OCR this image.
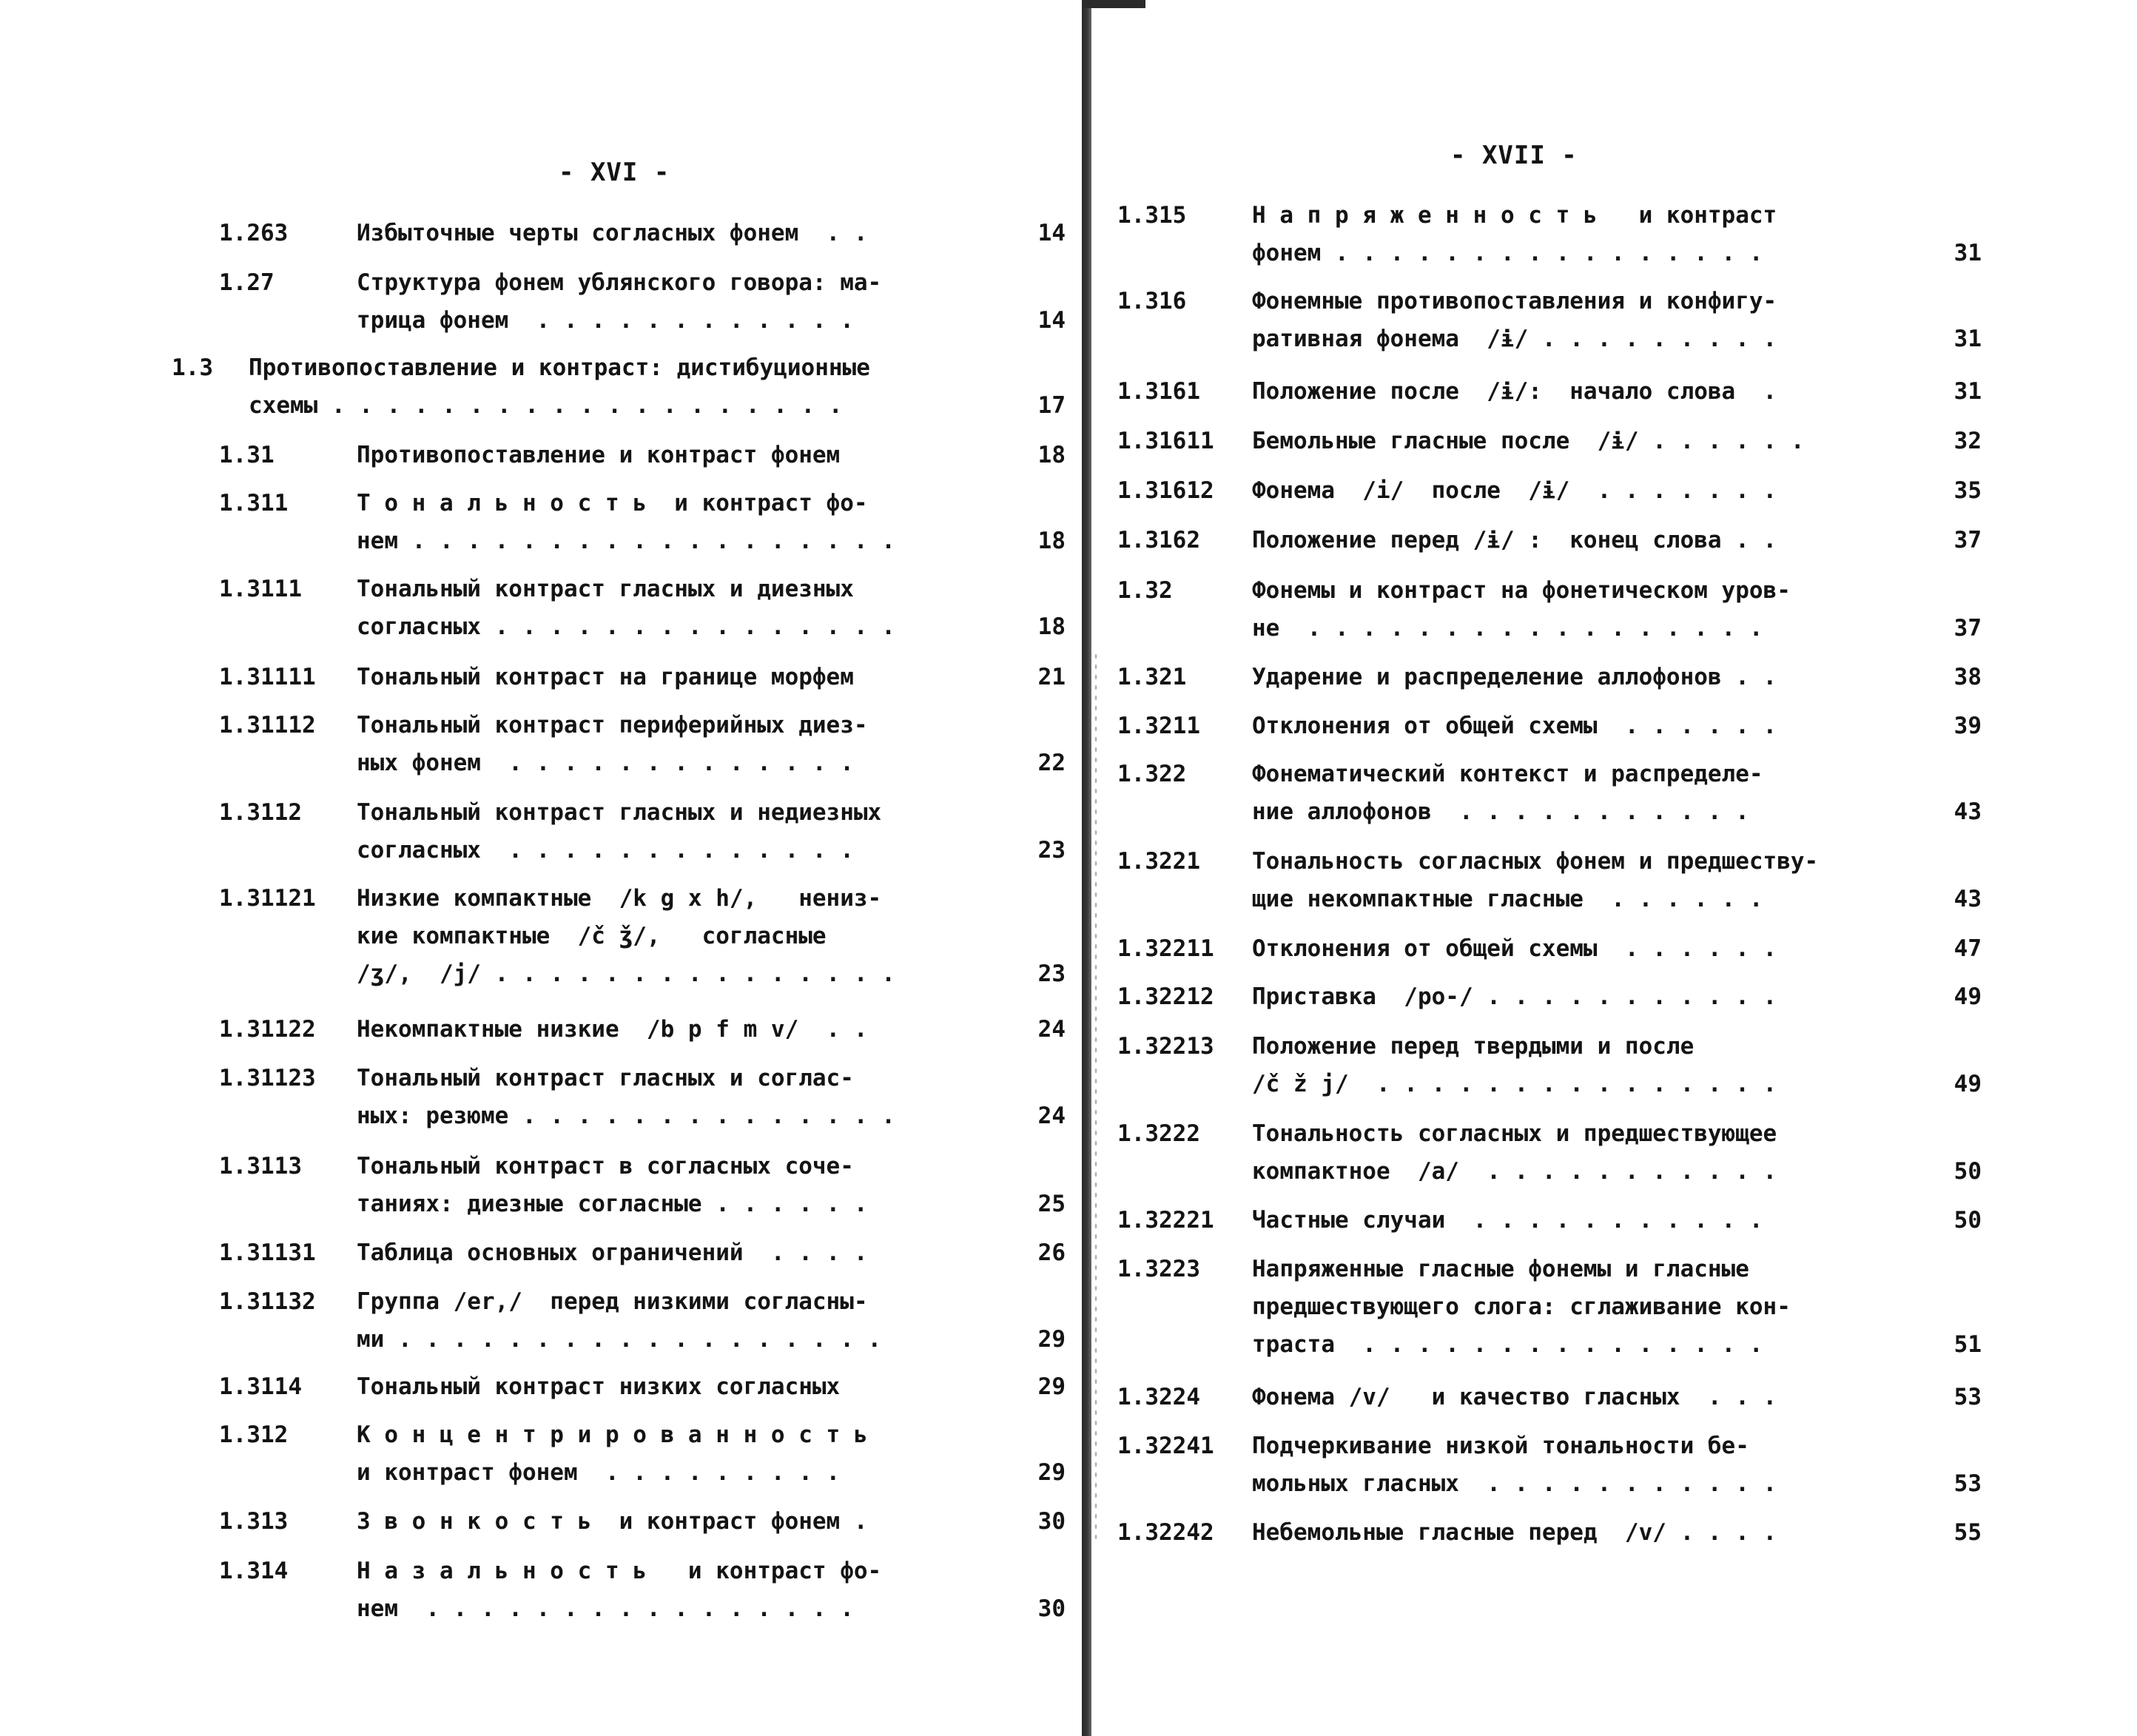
- XVI -
- XVII -
1.263	Избыточные черты согласных фонем  . .	14
1.27	Структура фонем ублянского говора: ма-
трица фонем  . . . . . . . . . . . .	14
1.3 Противопоставление и контраст: дистибуционные
схемы . . . . . . . . . . . . . . . . . . .	17
1.31	Противопоставление и контраст фонем	18
1.311	Т о н а л ь н о с т ь  и контраст фо-
нем . . . . . . . . . . . . . . . . . .	18
1.3111 Тональный контраст гласных и диезных
согласных . . . . . . . . . . . . . . .	18
1.31111 Тональный контраст на границе морфем	21
1.31112 Тональный контраст периферийных диез-
ных фонем  . . . . . . . . . . . . .	22
1.3112 Тональный контраст гласных и недиезных
согласных  . . . . . . . . . . . . .	23
1.31121 Низкие компактные  /k g x h/,   нениз-
кие компактные  /č ǯ/,   согласные
/ʒ/,  /j/ . . . . . . . . . . . . . . .	23
1.31122 Некомпактные низкие  /b p f m v/  . .	24
1.31123 Тональный контраст гласных и соглас-
ных: резюме . . . . . . . . . . . . . .	24
1.3113 Тональный контраст в согласных соче-
таниях: диезные согласные . . . . . .	25
1.31131 Таблица основных ограничений  . . . .	26
1.31132 Группа /er,/  перед низкими согласны-
ми . . . . . . . . . . . . . . . . . .	29
1.3114 Тональный контраст низких согласных	29
1.312	К о н ц е н т р и р о в а н н о с т ь
и контраст фонем  . . . . . . . . .	29
1.313	З в о н к о с т ь  и контраст фонем .	30
1.314	Н а з а л ь н о с т ь   и контраст фо-
нем  . . . . . . . . . . . . . . . .	30
1.315	Н а п р я ж е н н о с т ь   и контраст
фонем . . . . . . . . . . . . . . . .	31
1.316	Фонемные противопоставления и конфигу-
ративная фонема  /ɨ/ . . . . . . . . .	31
1.3161 Положение после  /ɨ/:  начало слова  .	31
1.31611 Бемольные гласные после  /ɨ/ . . . . . .	32
1.31612 Фонема  /i/  после  /ɨ/  . . . . . . .	35
1.3162 Положение перед /ɨ/ :  конец слова . .	37
1.32	Фонемы и контраст на фонетическом уров-
не  . . . . . . . . . . . . . . . . .	37
1.321	Ударение и распределение аллофонов . .	38
1.3211 Отклонения от общей схемы  . . . . . .	39
1.322	Фонематический контекст и распределе-
ние аллофонов  . . . . . . . . . . .	43
1.3221 Тональность согласных фонем и предшеству-
щие некомпактные гласные  . . . . . .	43
1.32211 Отклонения от общей схемы  . . . . . .	47
1.32212 Приставка  /po-/ . . . . . . . . . . .	49
1.32213 Положение перед твердыми и после
/č ž j/  . . . . . . . . . . . . . . .	49
1.3222 Тональность согласных и предшествующее
компактное  /a/  . . . . . . . . . . .	50
1.32221 Частные случаи  . . . . . . . . . . .	50
1.3223 Напряженные гласные фонемы и гласные
предшествующего слога: сглаживание кон-
траста  . . . . . . . . . . . . . . .	51
1.3224 Фонема /v/   и качество гласных  . . .	53
1.32241 Подчеркивание низкой тональности бе-
мольных гласных  . . . . . . . . . . .	53
1.32242 Небемольные гласные перед  /v/ . . . .	55
